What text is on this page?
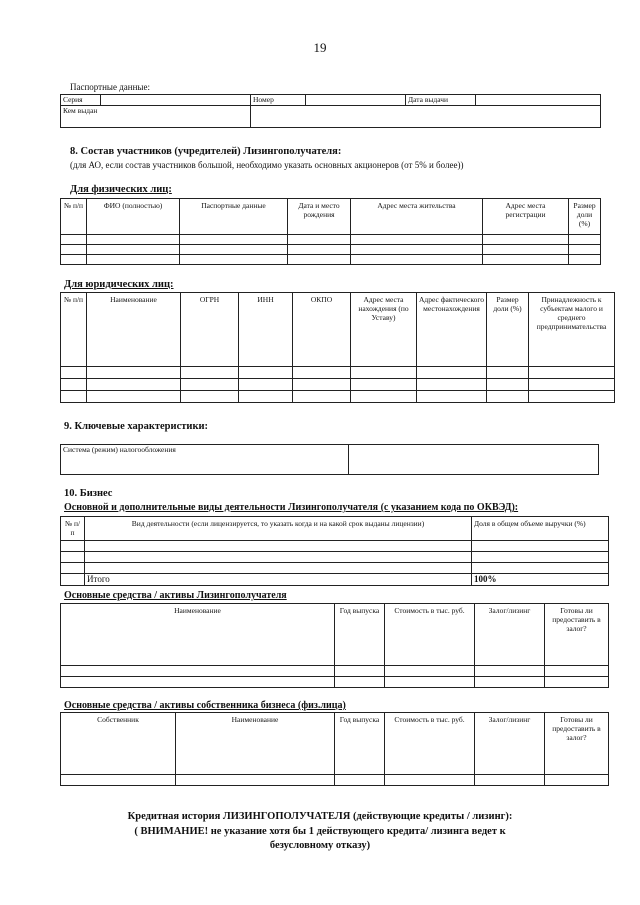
19
Паспортные данные:
Серия		Номер		Дата выдачи	
Кем выдан					
8. Состав участников (учредителей) Лизингополучателя:
(для АО, если состав участников большой, необходимо указать основных акционеров (от 5% и более))
Для физических лиц:
№ п/п	ФИО (полностью)	Паспортные данные	Дата и место рождения	Адрес места жительства	Адрес места регистрации	Размер доли (%)

Для юридических лиц:
№ п/п	Наименование	ОГРН	ИНН	ОКПО	Адрес места нахождения (по Уставу)	Адрес фактического местонахождения	Размер доли (%)	Принадлежность к субъектам малого и среднего предпринимательства

9. Ключевые характеристики:
Система (режим) налогообложения	
10. Бизнес
Основной и дополнительные виды деятельности Лизингополучателя (с указанием кода по ОКВЭД):
№ п/п	Вид деятельности (если лицензируется, то указать когда и на какой срок выданы лицензии)	Доля в общем объеме выручки (%)

	Итого	100%
Основные средства / активы Лизингополучателя
Наименование	Год выпуска	Стоимость в тыс. руб.	Залог/лизинг	Готовы ли предоставить в залог?

Основные средства / активы собственника бизнеса (физ.лица)
Собственник	Наименование	Год выпуска	Стоимость в тыс. руб.	Залог/лизинг	Готовы ли предоставить в залог?

Кредитная история ЛИЗИНГОПОЛУЧАТЕЛЯ (действующие кредиты / лизинг):
( ВНИМАНИЕ! не указание хотя бы 1 действующего кредита/ лизинга ведет к безусловному отказу)
